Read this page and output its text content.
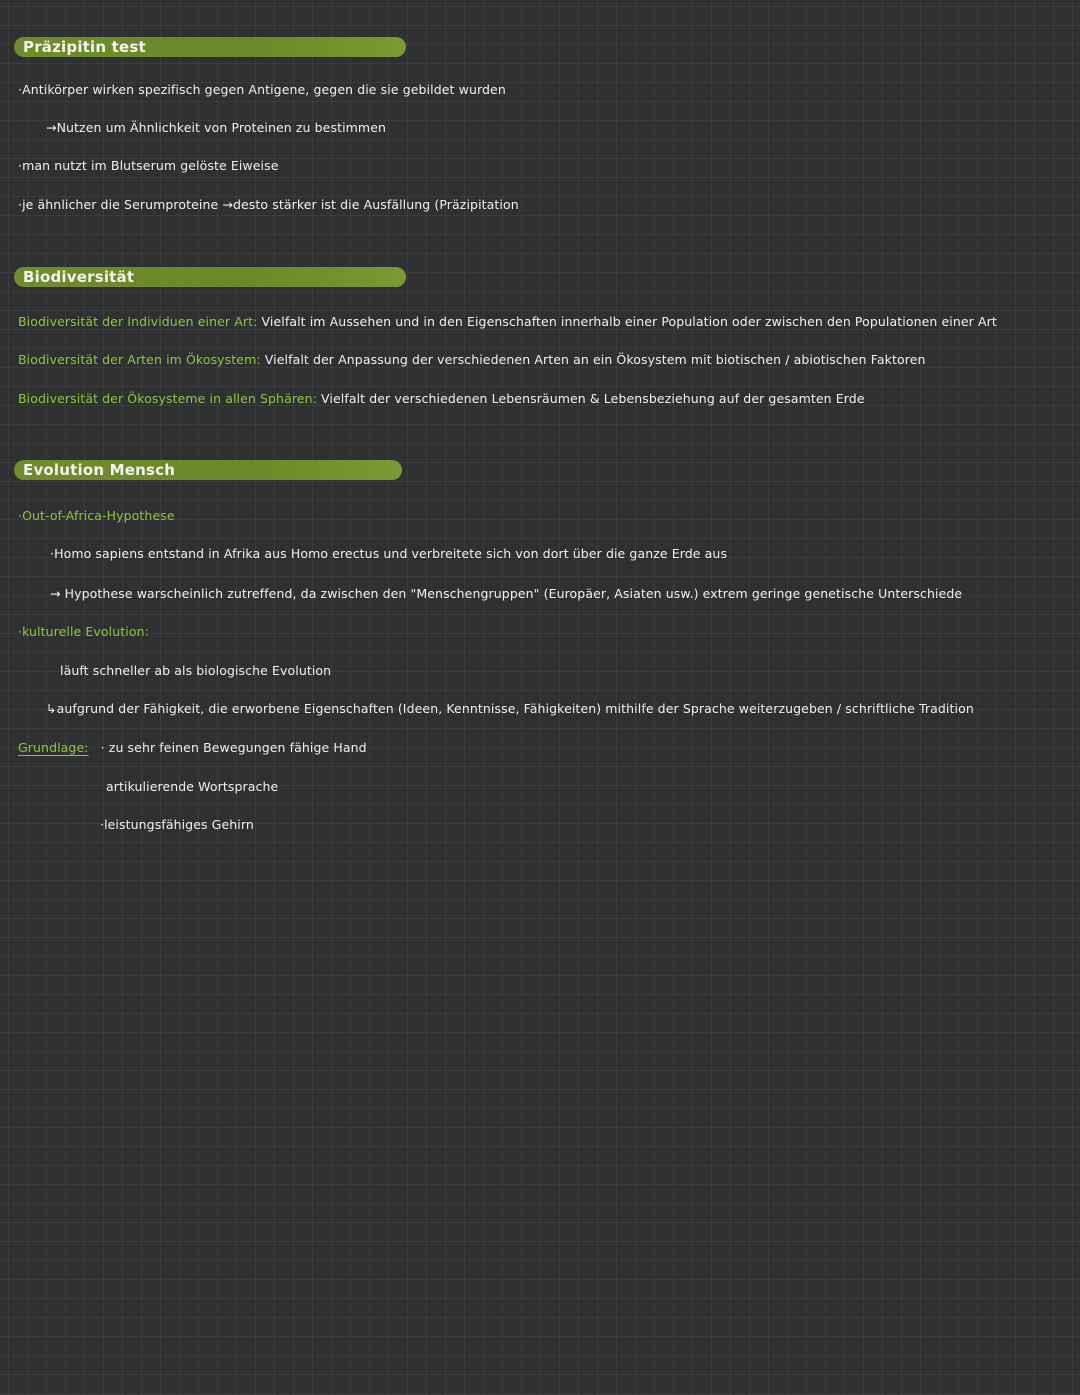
Präzipitin test
·Antikörper wirken spezifisch gegen Antigene, gegen die sie gebildet wurden
→Nutzen um Ähnlichkeit von Proteinen zu bestimmen
·man nutzt im Blutserum gelöste Eiweise
·je ähnlicher die Serumproteine →desto stärker ist die Ausfällung (Präzipitation
Biodiversität
Biodiversität der Individuen einer Art: Vielfalt im Aussehen und in den Eigenschaften innerhalb einer Population oder zwischen den Populationen einer Art
Biodiversität der Arten im Ökosystem: Vielfalt der Anpassung der verschiedenen Arten an ein Ökosystem mit biotischen / abiotischen Faktoren
Biodiversität der Ökosysteme in allen Sphären: Vielfalt der verschiedenen Lebensräumen & Lebensbeziehung auf der gesamten Erde
Evolution Mensch
·Out-of-Africa-Hypothese
·Homo sapiens entstand in Afrika aus Homo erectus und verbreitete sich von dort über die ganze Erde aus
→ Hypothese warscheinlich zutreffend, da zwischen den "Menschengruppen" (Europäer, Asiaten usw.) extrem geringe genetische Unterschiede
·kulturelle Evolution:
läuft schneller ab als biologische Evolution
↳aufgrund der Fähigkeit, die erworbene Eigenschaften (Ideen, Kenntnisse, Fähigkeiten) mithilfe der Sprache weiterzugeben / schriftliche Tradition
Grundlage: · zu sehr feinen Bewegungen fähige Hand
artikulierende Wortsprache
·leistungsfähiges Gehirn
